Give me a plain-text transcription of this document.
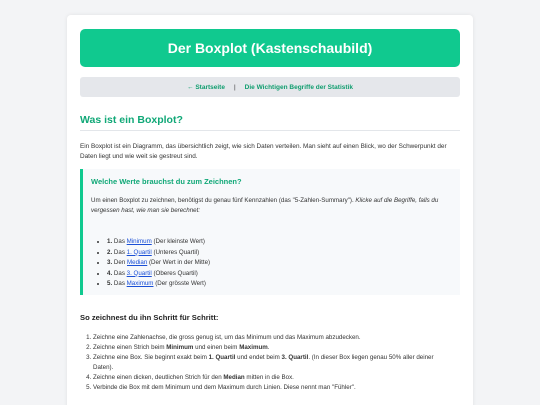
Der Boxplot (Kastenschaubild)
← Startseite | Die Wichtigen Begriffe der Statistik
Was ist ein Boxplot?

Ein Boxplot ist ein Diagramm, das übersichtlich zeigt, wie sich Daten verteilen. Man sieht auf einen Blick, wo der Schwerpunkt der Daten liegt und wie weit sie gestreut sind.

Welche Werte brauchst du zum Zeichnen?

Um einen Boxplot zu zeichnen, benötigst du genau fünf Kennzahlen (das "5-Zahlen-Summary"). Klicke auf die Begriffe, falls du vergessen hast, wie man sie berechnet:

• 1. Das Minimum (Der kleinste Wert)
• 2. Das 1. Quartil (Unteres Quartil)
• 3. Den Median (Der Wert in der Mitte)
• 4. Das 3. Quartil (Oberes Quartil)
• 5. Das Maximum (Der grösste Wert)
So zeichnest du ihn Schritt für Schritt:
1. Zeichne eine Zahlenachse, die gross genug ist, um das Minimum und das Maximum abzudecken.
2. Zeichne einen Strich beim Minimum und einen beim Maximum.
3. Zeichne eine Box. Sie beginnt exakt beim 1. Quartil und endet beim 3. Quartil. (In dieser Box liegen genau 50% aller deiner Daten).
4. Zeichne einen dicken, deutlichen Strich für den Median mitten in die Box.
5. Verbinde die Box mit dem Minimum und dem Maximum durch Linien. Diese nennt man "Fühler".
